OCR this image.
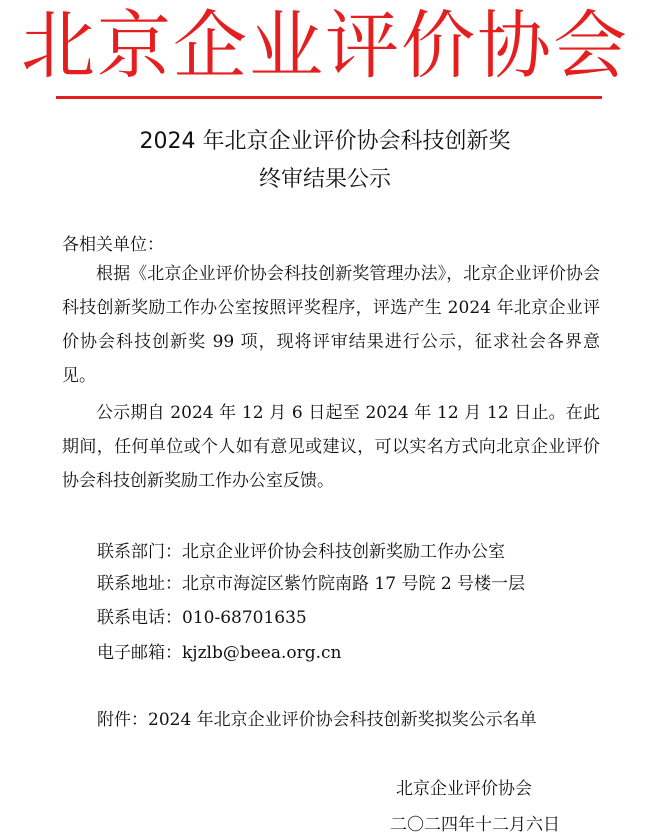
北京企业评价协会
2024 年北京企业评价协会科技创新奖
终审结果公示
各相关单位：
根据《北京企业评价协会科技创新奖管理办法》，北京企业评价协会科技创新奖励工作办公室按照评奖程序，评选产生 2024 年北京企业评价协会科技创新奖 99 项，现将评审结果进行公示，征求社会各界意见。
公示期自 2024 年 12 月 6 日起至 2024 年 12 月 12 日止。在此期间，任何单位或个人如有意见或建议，可以实名方式向北京企业评价协会科技创新奖励工作办公室反馈。
联系部门：北京企业评价协会科技创新奖励工作办公室
联系地址：北京市海淀区紫竹院南路 17 号院 2 号楼一层
联系电话：010-68701635
电子邮箱：kjzlb@beea.org.cn
附件：2024 年北京企业评价协会科技创新奖拟奖公示名单
北京企业评价协会
二〇二四年十二月六日
